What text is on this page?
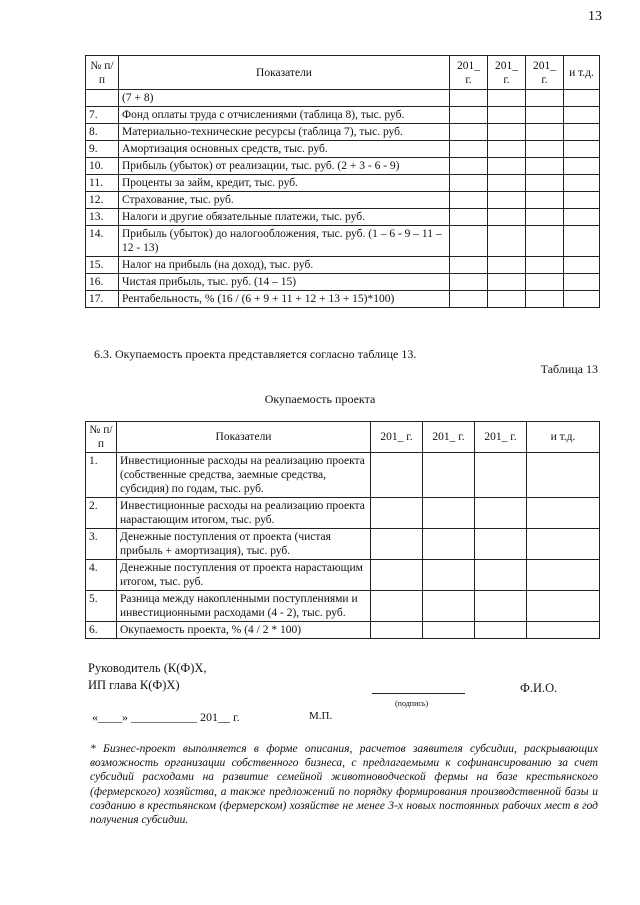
13
№ п/п	Показатели	201_ г.	201_ г.	201_ г.	и т.д.
	(7 + 8)				
7.	Фонд оплаты труда с отчислениями (таблица 8), тыс. руб.				
8.	Материально-технические ресурсы (таблица 7), тыс. руб.				
9.	Амортизация основных средств, тыс. руб.				
10.	Прибыль (убыток) от реализации, тыс. руб. (2 + 3 - 6 - 9)				
11.	Проценты за займ, кредит, тыс. руб.				
12.	Страхование, тыс. руб.				
13.	Налоги и другие обязательные платежи, тыс. руб.				
14.	Прибыль (убыток) до налогообложения, тыс. руб. (1 – 6 - 9 – 11 – 12 - 13)				
15.	Налог на прибыль (на доход), тыс. руб.				
16.	Чистая прибыль, тыс. руб. (14 – 15)				
17.	Рентабельность, % (16 / (6 + 9 + 11 + 12 + 13 + 15)*100)				
6.3. Окупаемость проекта представляется согласно таблице 13.
Таблица 13
Окупаемость проекта
№ п/п	Показатели	201_ г.	201_ г.	201_ г.	и т.д.
1.	Инвестиционные расходы на реализацию проекта (собственные средства, заемные средства, субсидия) по годам, тыс. руб.				
2.	Инвестиционные расходы на реализацию проекта нарастающим итогом, тыс. руб.				
3.	Денежные поступления от проекта (чистая прибыль + амортизация), тыс. руб.				
4.	Денежные поступления от проекта нарастающим итогом, тыс. руб.				
5.	Разница между накопленными поступлениями и инвестиционными расходами (4 - 2), тыс. руб.				
6.	Окупаемость проекта, % (4 / 2 * 100)				
Руководитель (К(Ф)Х,
ИП глава К(Ф)Х)
(подпись)
Ф.И.О.
«____» ___________ 201__ г.	М.П.
* Бизнес-проект выполняется в форме описания, расчетов заявителя субсидии, раскрывающих возможность организации собственного бизнеса, с предлагаемыми к софинансированию за счет субсидий расходами на развитие семейной животноводческой фермы на базе крестьянского (фермерского) хозяйства, а также предложений по порядку формирования производственной базы и созданию в крестьянском (фермерском) хозяйстве не менее 3-х новых постоянных рабочих мест в год получения субсидии.
